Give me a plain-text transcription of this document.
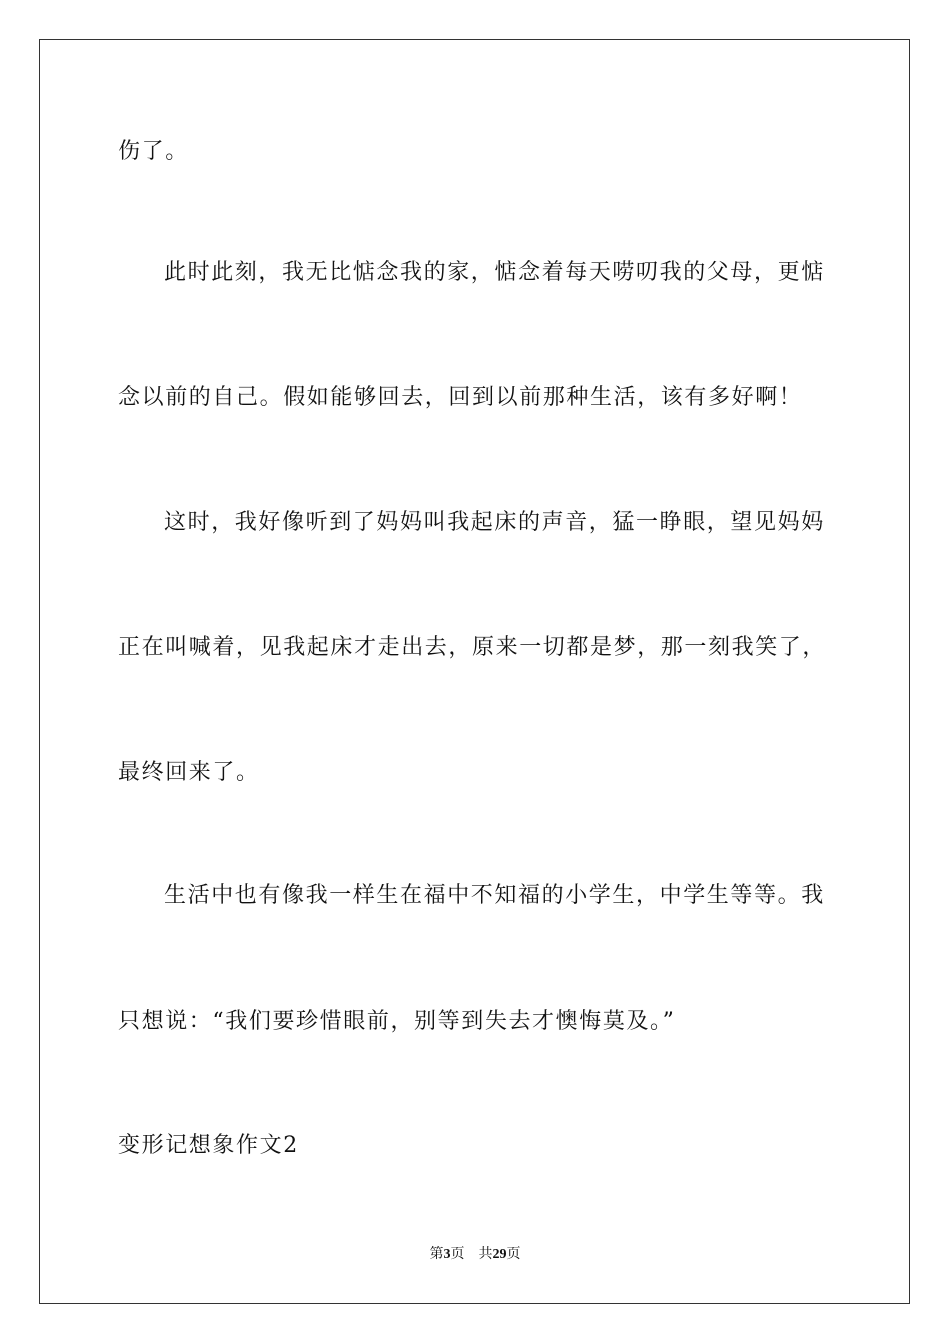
伤了。
此时此刻，我无比惦念我的家，惦念着每天唠叨我的父母，更惦
念以前的自己。假如能够回去，回到以前那种生活，该有多好啊！
这时，我好像听到了妈妈叫我起床的声音，猛一睁眼，望见妈妈
正在叫喊着，见我起床才走出去，原来一切都是梦，那一刻我笑了，
最终回来了。
生活中也有像我一样生在福中不知福的小学生，中学生等等。我
只想说：“我们要珍惜眼前，别等到失去才懊悔莫及。”
变形记想象作文2
第3页 共29页
